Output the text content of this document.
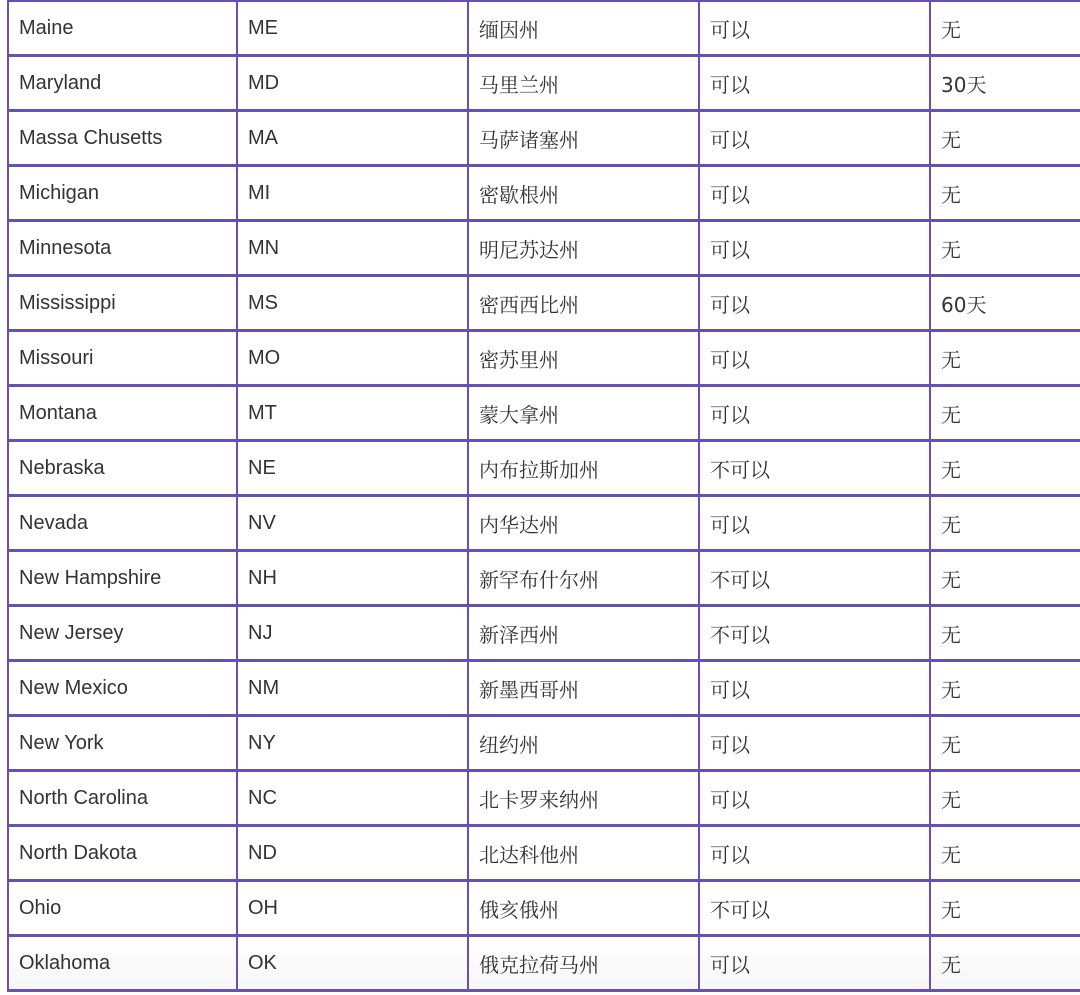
Maine	ME	缅因州	可以	无
Maryland	MD	马里兰州	可以	30天
Massa Chusetts	MA	马萨诸塞州	可以	无
Michigan	MI	密歇根州	可以	无
Minnesota	MN	明尼苏达州	可以	无
Mississippi	MS	密西西比州	可以	60天
Missouri	MO	密苏里州	可以	无
Montana	MT	蒙大拿州	可以	无
Nebraska	NE	内布拉斯加州	不可以	无
Nevada	NV	内华达州	可以	无
New Hampshire	NH	新罕布什尔州	不可以	无
New Jersey	NJ	新泽西州	不可以	无
New Mexico	NM	新墨西哥州	可以	无
New York	NY	纽约州	可以	无
North Carolina	NC	北卡罗来纳州	可以	无
North Dakota	ND	北达科他州	可以	无
Ohio	OH	俄亥俄州	不可以	无
Oklahoma	OK	俄克拉荷马州	可以	无
